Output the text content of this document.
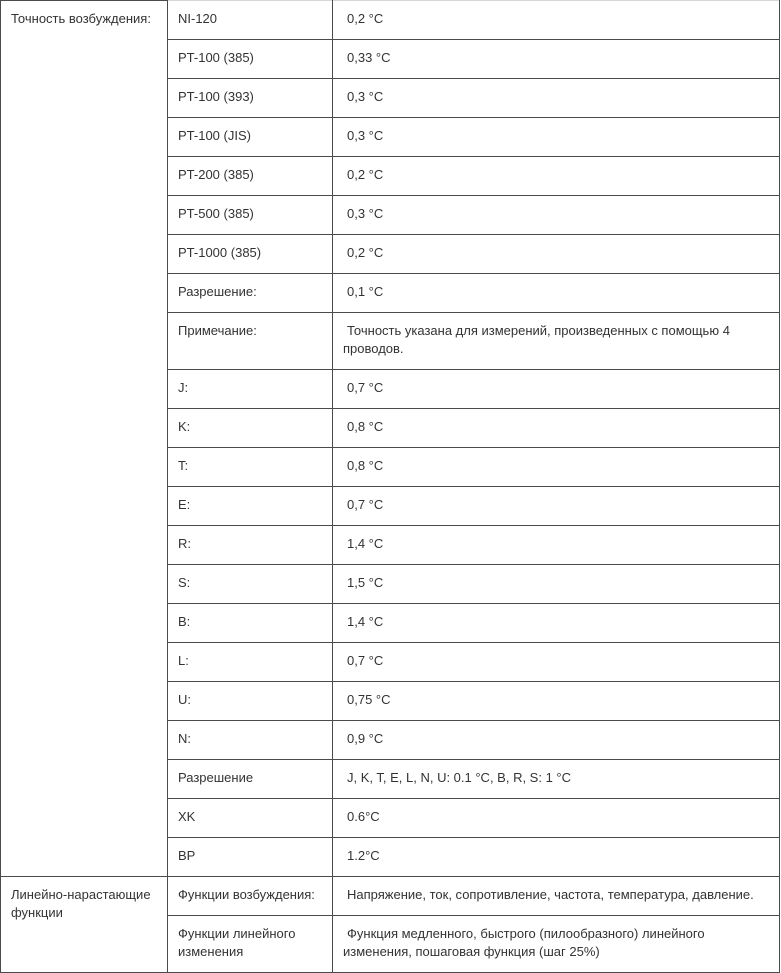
Точность возбуждения:	NI-120	0,2 °C
	PT-100 (385)	0,33 °C
	PT-100 (393)	0,3 °C
	PT-100 (JIS)	0,3 °C
	PT-200 (385)	0,2 °C
	PT-500 (385)	0,3 °C
	PT-1000 (385)	0,2 °C
	Разрешение:	0,1 °C
	Примечание:	Точность указана для измерений, произведенных с помощью 4 проводов.
	J:	0,7 °C
	K:	0,8 °C
	T:	0,8 °C
	E:	0,7 °C
	R:	1,4 °C
	S:	1,5 °C
	B:	1,4 °C
	L:	0,7 °C
	U:	0,75 °C
	N:	0,9 °C
	Разрешение	J, K, T, E, L, N, U: 0.1 °C, B, R, S: 1 °C
	XK	0.6°C
	BP	1.2°C
Линейно-нарастающие функции	Функции возбуждения:	Напряжение, ток, сопротивление, частота, температура, давление.
	Функции линейного изменения	Функция медленного, быстрого (пилообразного) линейного изменения, пошаговая функция (шаг 25%)
